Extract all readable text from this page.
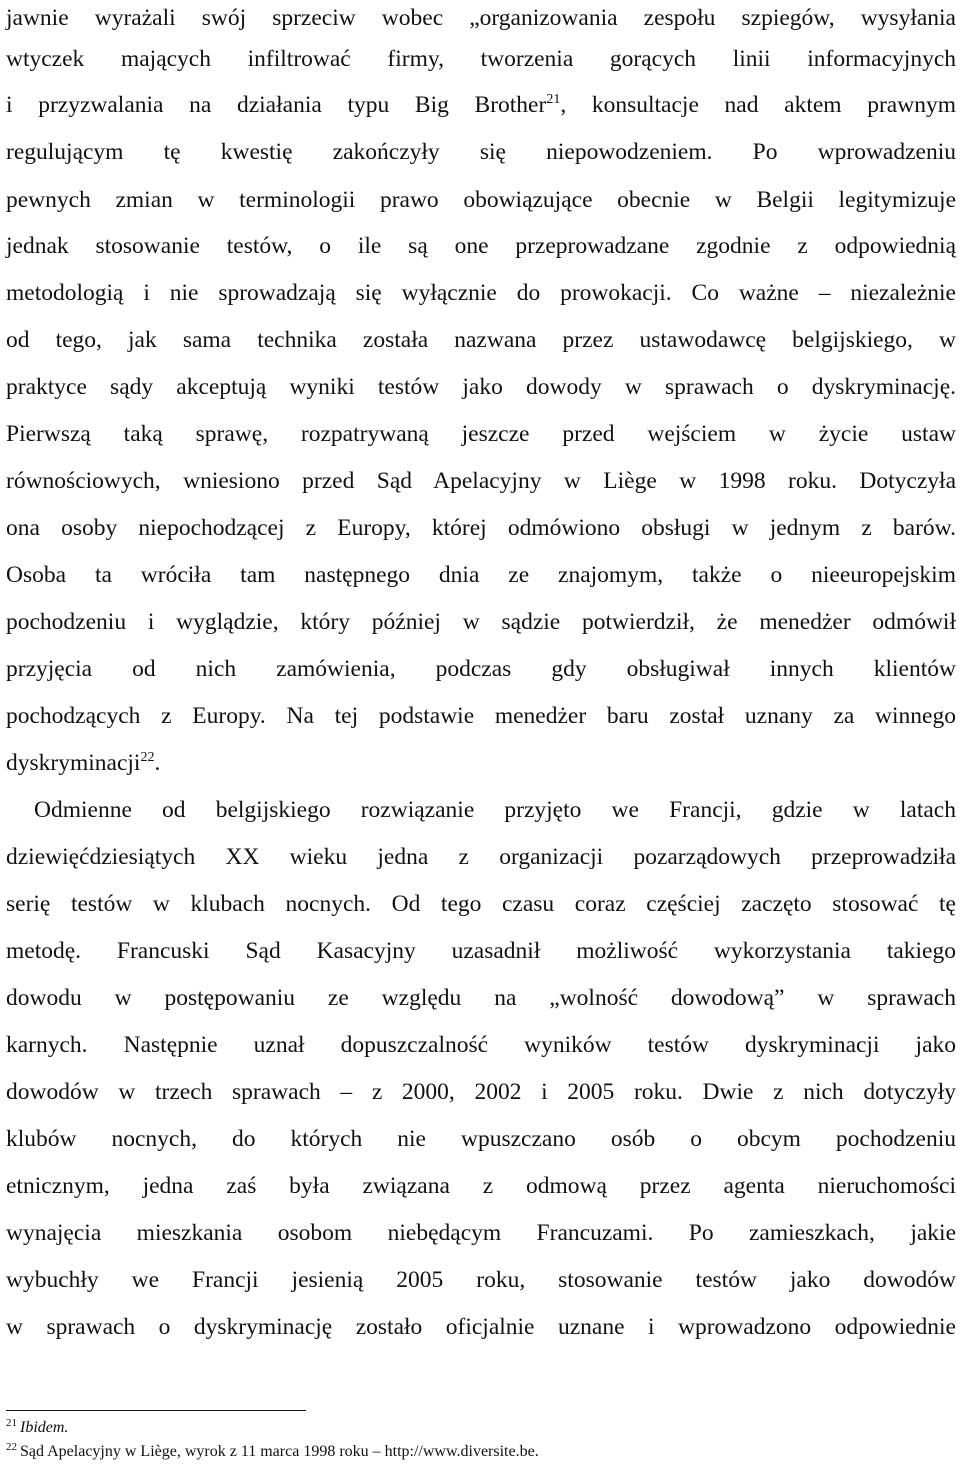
jawnie wyrażali swój sprzeciw wobec „organizowania zespołu szpiegów, wysyłania
wtyczek mających infiltrować firmy, tworzenia gorących linii informacyjnych
i przyzwalania na działania typu Big Brother$^{21}$, konsultacje nad aktem prawnym
regulującym tę kwestię zakończyły się niepowodzeniem. Po wprowadzeniu
pewnych zmian w terminologii prawo obowiązujące obecnie w Belgii legitymizuje
jednak stosowanie testów, o ile są one przeprowadzane zgodnie z odpowiednią
metodologią i nie sprowadzają się wyłącznie do prowokacji. Co ważne – niezależnie
od tego, jak sama technika została nazwana przez ustawodawcę belgijskiego, w
praktyce sądy akceptują wyniki testów jako dowody w sprawach o dyskryminację.
Pierwszą taką sprawę, rozpatrywaną jeszcze przed wejściem w życie ustaw
równościowych, wniesiono przed Sąd Apelacyjny w Liège w 1998 roku. Dotyczyła
ona osoby niepochodzącej z Europy, której odmówiono obsługi w jednym z barów.
Osoba ta wróciła tam następnego dnia ze znajomym, także o nieeuropejskim
pochodzeniu i wyglądzie, który później w sądzie potwierdził, że menedżer odmówił
przyjęcia od nich zamówienia, podczas gdy obsługiwał innych klientów
pochodzących z Europy. Na tej podstawie menedżer baru został uznany za winnego
dyskryminacji$^{22}$.
Odmienne od belgijskiego rozwiązanie przyjęto we Francji, gdzie w latach
dziewięćdziesiątych XX wieku jedna z organizacji pozarządowych przeprowadziła
serię testów w klubach nocnych. Od tego czasu coraz częściej zaczęto stosować tę
metodę. Francuski Sąd Kasacyjny uzasadnił możliwość wykorzystania takiego
dowodu w postępowaniu ze względu na „wolność dowodową” w sprawach
karnych. Następnie uznał dopuszczalność wyników testów dyskryminacji jako
dowodów w trzech sprawach – z 2000, 2002 i 2005 roku. Dwie z nich dotyczyły
klubów nocnych, do których nie wpuszczano osób o obcym pochodzeniu
etnicznym, jedna zaś była związana z odmową przez agenta nieruchomości
wynajęcia mieszkania osobom niebędącym Francuzami. Po zamieszkach, jakie
wybuchły we Francji jesienią 2005 roku, stosowanie testów jako dowodów
w sprawach o dyskryminację zostało oficjalnie uznane i wprowadzono odpowiednie
$^{21}$ Ibidem.
$^{22}$ Sąd Apelacyjny w Liège, wyrok z 11 marca 1998 roku – http://www.diversite.be.
